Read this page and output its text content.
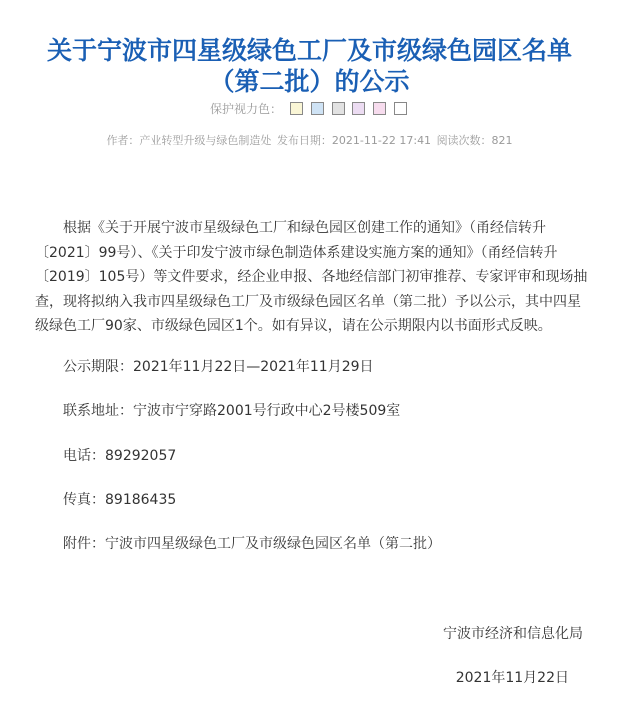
关于宁波市四星级绿色工厂及市级绿色园区名单
（第二批）的公示
保护视力色：
作者：产业转型升级与绿色制造处 发布日期：2021-11-22 17:41 阅读次数：821
根据《关于开展宁波市星级绿色工厂和绿色园区创建工作的通知》（甬经信转升
〔2021〕99号）、《关于印发宁波市绿色制造体系建设实施方案的通知》（甬经信转升
〔2019〕105号）等文件要求，经企业申报、各地经信部门初审推荐、专家评审和现场抽
查，现将拟纳入我市四星级绿色工厂及市级绿色园区名单（第二批）予以公示，其中四星
级绿色工厂90家、市级绿色园区1个。如有异议，请在公示期限内以书面形式反映。
公示期限：2021年11月22日—2021年11月29日
联系地址：宁波市宁穿路2001号行政中心2号楼509室
电话：89292057
传真：89186435
附件：宁波市四星级绿色工厂及市级绿色园区名单（第二批）
宁波市经济和信息化局
2021年11月22日
